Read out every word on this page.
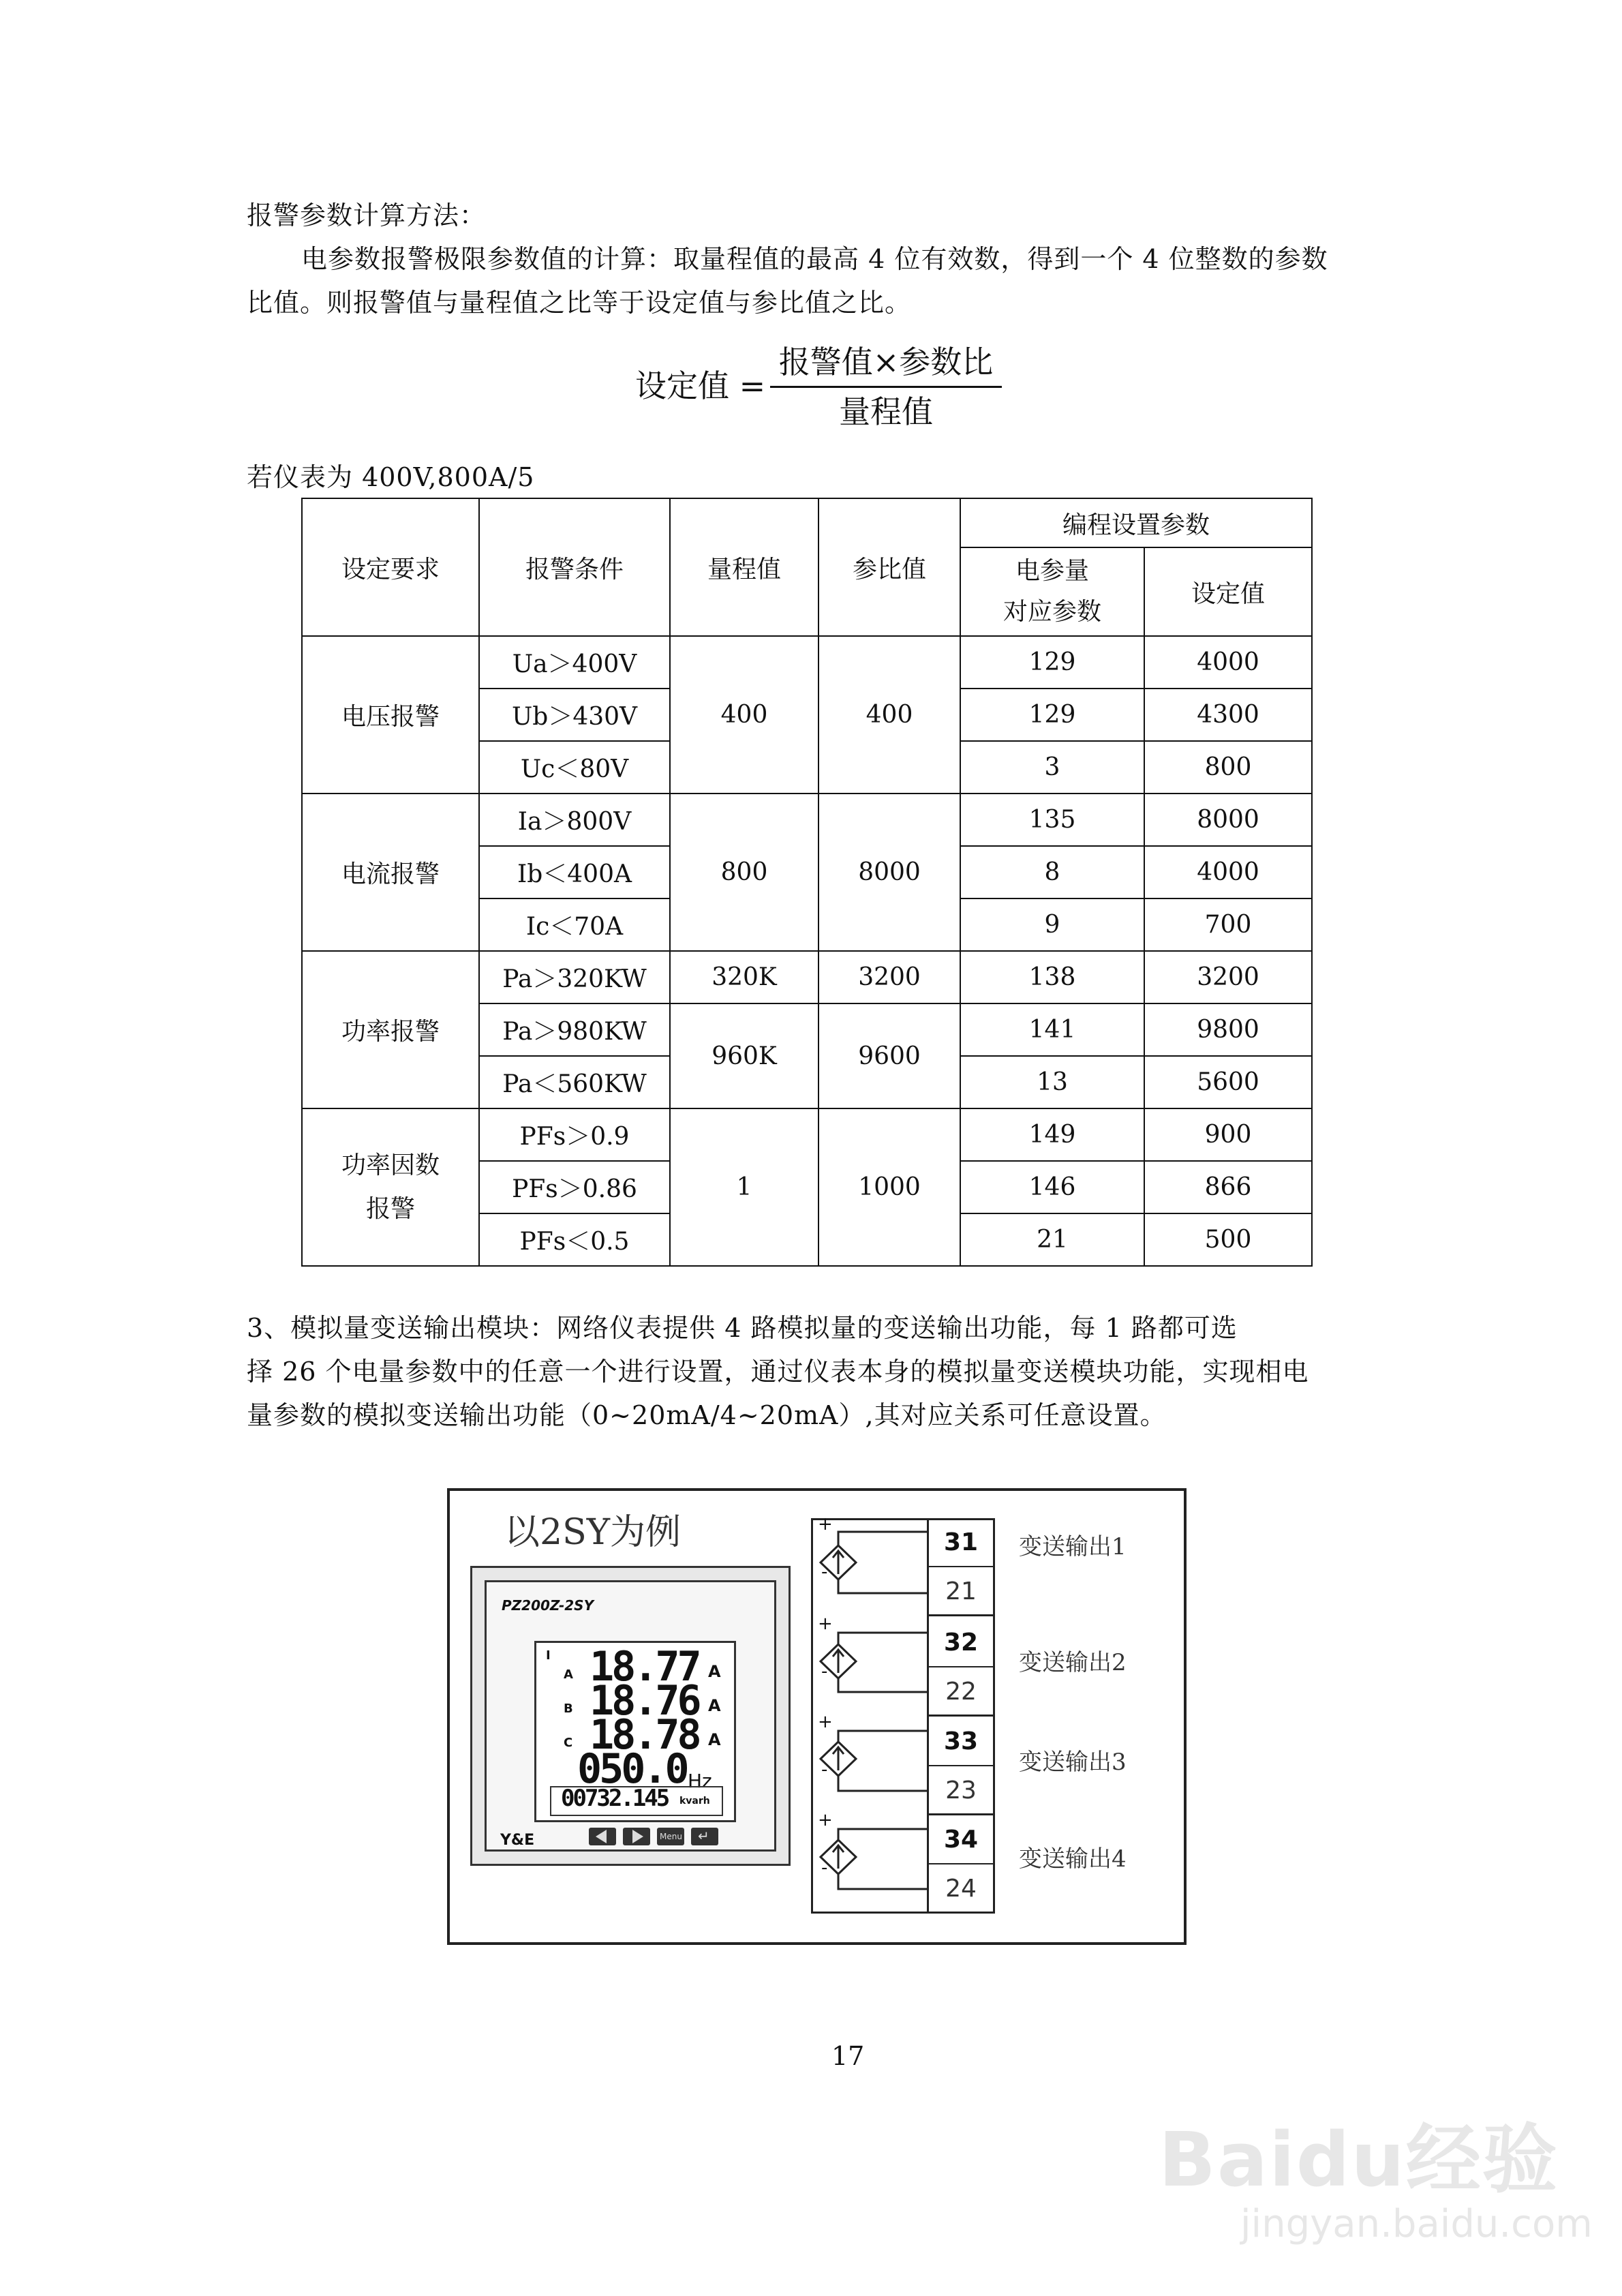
报警参数计算方法：
电参数报警极限参数值的计算：取量程值的最高 4 位有效数，得到一个 4 位整数的参数
比值。则报警值与量程值之比等于设定值与参比值之比。
设定值 =
报警值×参数比
量程值
若仪表为 400V,800A/5
设定要求	报警条件	量程值	参比值	编程设置参数	

				电参量
对应参数	设定值
电压报警	Ua＞400V	400	400	129	4000
	Ub＞430V			129	4300
	Uc＜80V			3	800
电流报警	Ia＞800V	800	8000	135	8000
	Ib＜400A			8	4000
	Ic＜70A			9	700
功率报警	Pa＞320KW	320K	3200	138	3200
	Pa＞980KW	960K	9600	141	9800
	Pa＜560KW			13	5600

功率因数
报警	PFs＞0.9	1	1000	149	900
	PFs＞0.86			146	866
	PFs＜0.5			21	500
3、模拟量变送输出模块：网络仪表提供 4 路模拟量的变送输出功能，每 1 路都可选
择 26 个电量参数中的任意一个进行设置，通过仪表本身的模拟量变送模块功能，实现相电
量参数的模拟变送输出功能（0~20mA/4~20mA）,其对应关系可任意设置。
以2SY为例
PZ200Z-2SY
I
A 18.77 A
B 18.76 A
C 18.78 A
050.0 Hz
00732.145 kvarh
Menu ↵
Y&E
31
21
变送输出1
32
22
变送输出2
33
23
变送输出3
34
24
变送输出4
+
-
+
-
+
-
+
-
17
Baidu经验
jingyan.baidu.com
